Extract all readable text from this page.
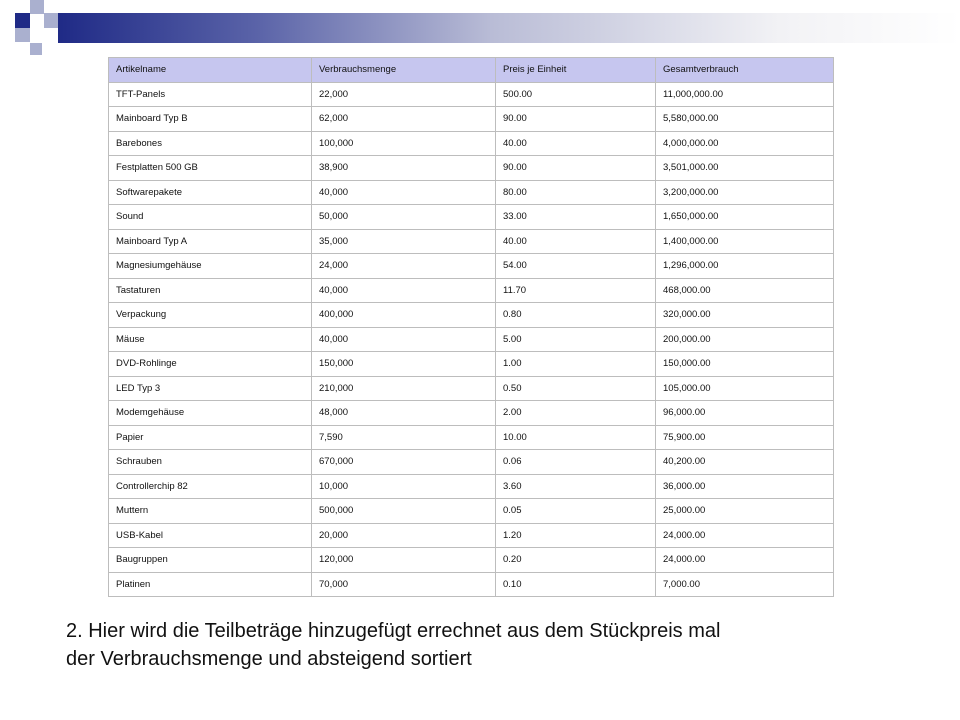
Artikelname	Verbrauchsmenge	Preis je Einheit	Gesamtverbrauch
TFT-Panels	22,000	500.00	11,000,000.00
Mainboard Typ B	62,000	90.00	5,580,000.00
Barebones	100,000	40.00	4,000,000.00
Festplatten 500 GB	38,900	90.00	3,501,000.00
Softwarepakete	40,000	80.00	3,200,000.00
Sound	50,000	33.00	1,650,000.00
Mainboard Typ A	35,000	40.00	1,400,000.00
Magnesiumgehäuse	24,000	54.00	1,296,000.00
Tastaturen	40,000	11.70	468,000.00
Verpackung	400,000	0.80	320,000.00
Mäuse	40,000	5.00	200,000.00
DVD-Rohlinge	150,000	1.00	150,000.00
LED Typ 3	210,000	0.50	105,000.00
Modemgehäuse	48,000	2.00	96,000.00
Papier	7,590	10.00	75,900.00
Schrauben	670,000	0.06	40,200.00
Controllerchip 82	10,000	3.60	36,000.00
Muttern	500,000	0.05	25,000.00
USB-Kabel	20,000	1.20	24,000.00
Baugruppen	120,000	0.20	24,000.00
Platinen	70,000	0.10	7,000.00
2. Hier wird die Teilbeträge hinzugefügt errechnet aus dem Stückpreis mal
der Verbrauchsmenge und absteigend sortiert
